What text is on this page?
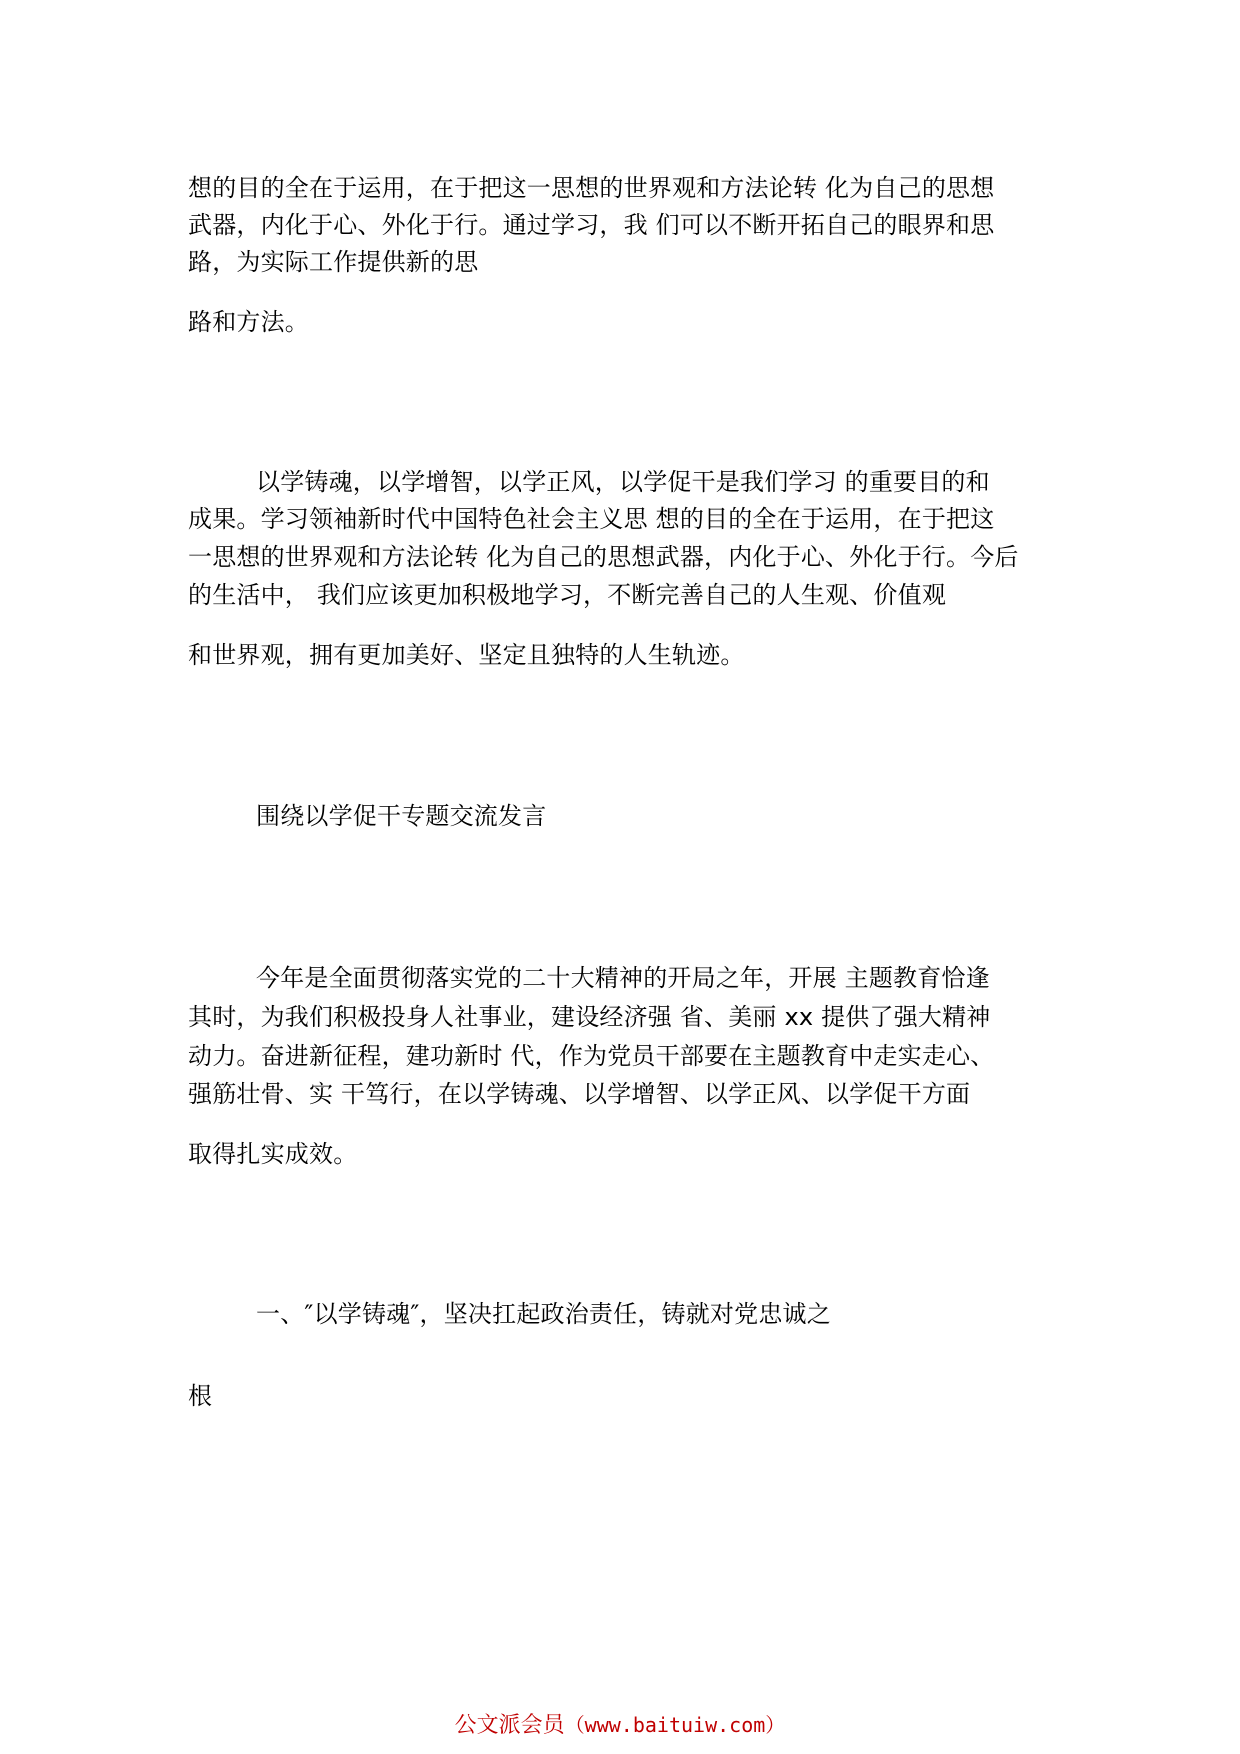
想的目的全在于运用，在于把这一思想的世界观和方法论转 化为自己的思想
武器，内化于心、外化于行。通过学习，我 们可以不断开拓自己的眼界和思
路，为实际工作提供新的思
路和方法。
以学铸魂，以学增智，以学正风，以学促干是我们学习 的重要目的和
成果。学习领袖新时代中国特色社会主义思 想的目的全在于运用，在于把这
一思想的世界观和方法论转 化为自己的思想武器，内化于心、外化于行。今后
的生活中， 我们应该更加积极地学习，不断完善自己的人生观、价值观
和世界观，拥有更加美好、坚定且独特的人生轨迹。
围绕以学促干专题交流发言
今年是全面贯彻落实党的二十大精神的开局之年，开展 主题教育恰逢
其时，为我们积极投身人社事业，建设经济强 省、美丽 xx 提供了强大精神
动力。奋进新征程，建功新时 代，作为党员干部要在主题教育中走实走心、
强筋壮骨、实 干笃行，在以学铸魂、以学增智、以学正风、以学促干方面
取得扎实成效。
一、″以学铸魂″，坚决扛起政治责任，铸就对党忠诚之
根
公文派会员（www.baituiw.com）
